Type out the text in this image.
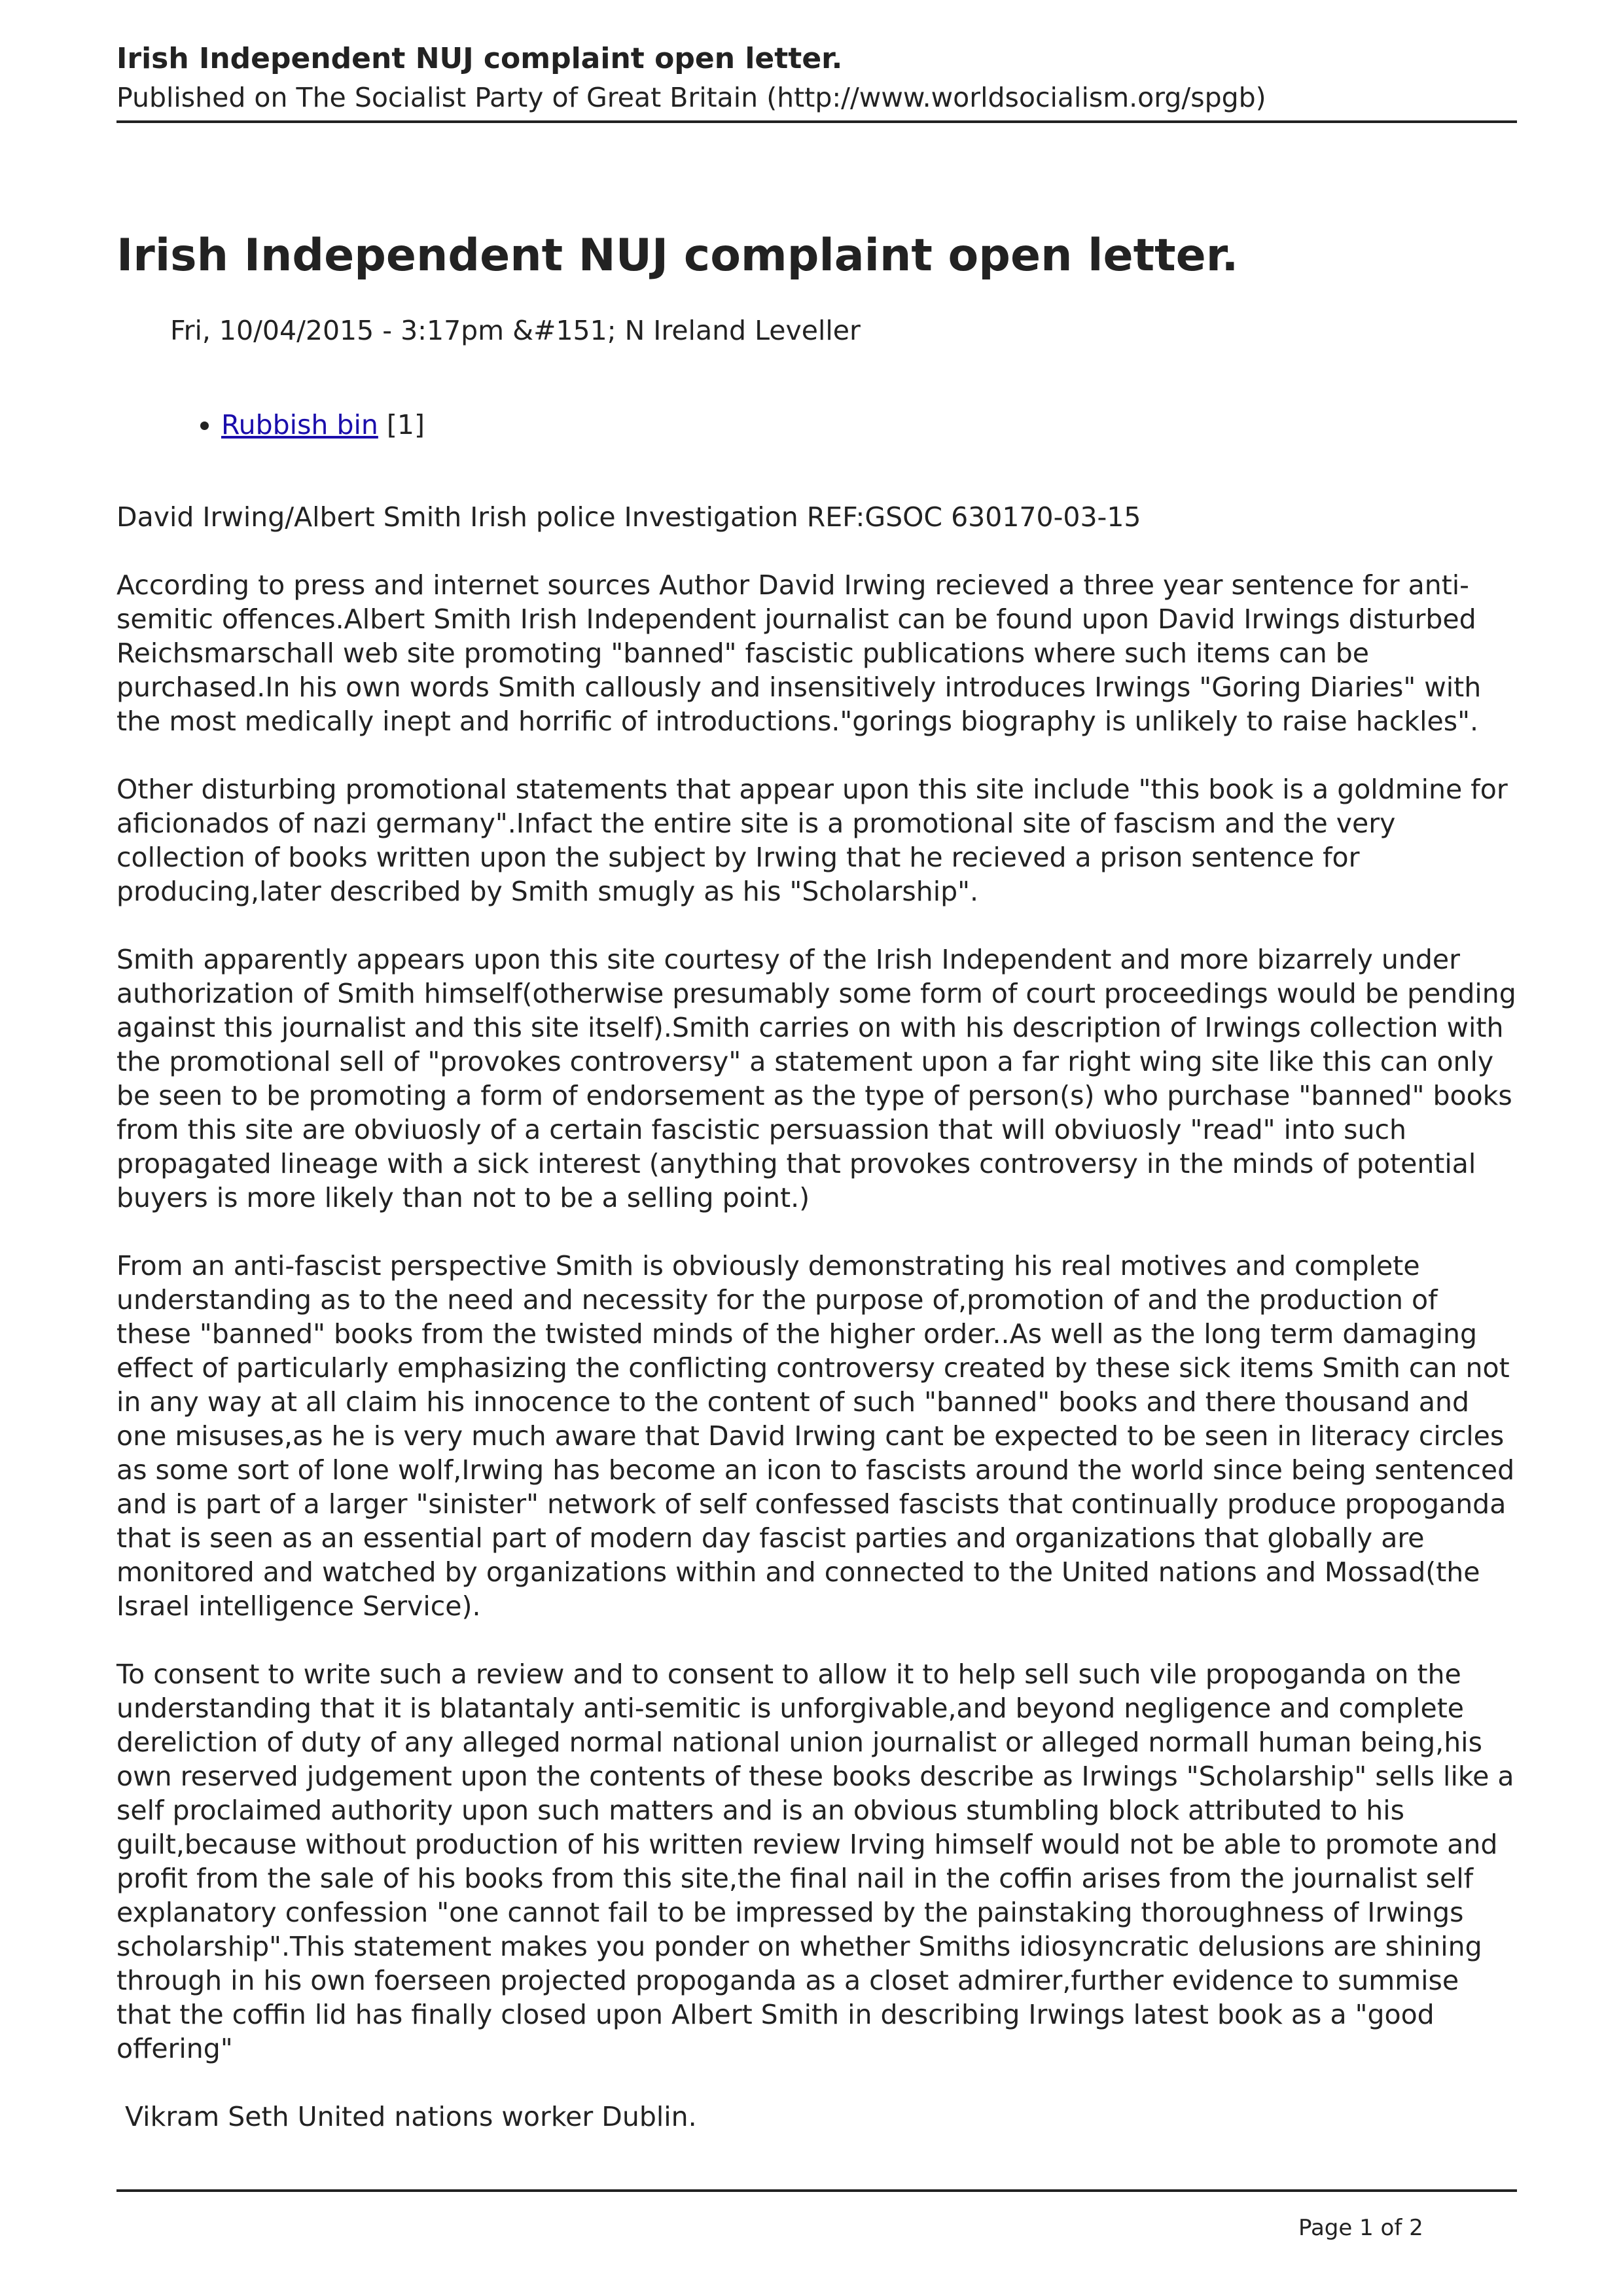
Irish Independent NUJ complaint open letter.

Published on The Socialist Party of Great Britain (http://www.worldsocialism.org/spgb)

Irish Independent NUJ complaint open letter.
Fri, 10/04/2015 - 3:17pm &#151; N Ireland Leveller
• Rubbish bin [1]

David Irwing/Albert Smith Irish police Investigation REF:GSOC 630170-03-15

According to press and internet sources Author David Irwing recieved a three year sentence for anti-semitic offences.Albert Smith Irish Independent journalist can be found upon David Irwings disturbed Reichsmarschall web site promoting "banned" fascistic publications where such items can be purchased.In his own words Smith callously and insensitively introduces Irwings "Goring Diaries" with the most medically inept and horrific of introductions."gorings biography is unlikely to raise hackles".

Other disturbing promotional statements that appear upon this site include "this book is a goldmine for aficionados of nazi germany".Infact the entire site is a promotional site of fascism and the very collection of books written upon the subject by Irwing that he recieved a prison sentence for producing,later described by Smith smugly as his "Scholarship".

Smith apparently appears upon this site courtesy of the Irish Independent and more bizarrely under authorization of Smith himself(otherwise presumably some form of court proceedings would be pending against this journalist and this site itself).Smith carries on with his description of Irwings collection with the promotional sell of "provokes controversy" a statement upon a far right wing site like this can only be seen to be promoting a form of endorsement as the type of person(s) who purchase "banned" books from this site are obviuosly of a certain fascistic persuassion that will obviuosly "read" into such propagated lineage with a sick interest (anything that provokes controversy in the minds of potential buyers is more likely than not to be a selling point.)

From an anti-fascist perspective Smith is obviously demonstrating his real motives and complete understanding as to the need and necessity for the purpose of,promotion of and the production of these "banned" books from the twisted minds of the higher order..As well as the long term damaging effect of particularly emphasizing the conflicting controversy created by these sick items Smith can not in any way at all claim his innocence to the content of such "banned" books and there thousand and one misuses,as he is very much aware that David Irwing cant be expected to be seen in literacy circles as some sort of lone wolf,Irwing has become an icon to fascists around the world since being sentenced and is part of a larger "sinister" network of self confessed fascists that continually produce propoganda that is seen as an essential part of modern day fascist parties and organizations that globally are monitored and watched by organizations within and connected to the United nations and Mossad(the Israel intelligence Service).

To consent to write such a review and to consent to allow it to help sell such vile propoganda on the understanding that it is blatantaly anti-semitic is unforgivable,and beyond negligence and complete dereliction of duty of any alleged normal national union journalist or alleged normall human being,his own reserved judgement upon the contents of these books describe as Irwings "Scholarship" sells like a self proclaimed authority upon such matters and is an obvious stumbling block attributed to his guilt,because without production of his written review Irving himself would not be able to promote and profit from the sale of his books from this site,the final nail in the coffin arises from the journalist self explanatory confession "one cannot fail to be impressed by the painstaking thoroughness of Irwings scholarship".This statement makes you ponder on whether Smiths idiosyncratic delusions are shining through in his own foerseen projected propoganda as a closet admirer,further evidence to summise that the coffin lid has finally closed upon Albert Smith in describing Irwings latest book as a "good offering"

Vikram Seth United nations worker Dublin.

Page 1 of 2
